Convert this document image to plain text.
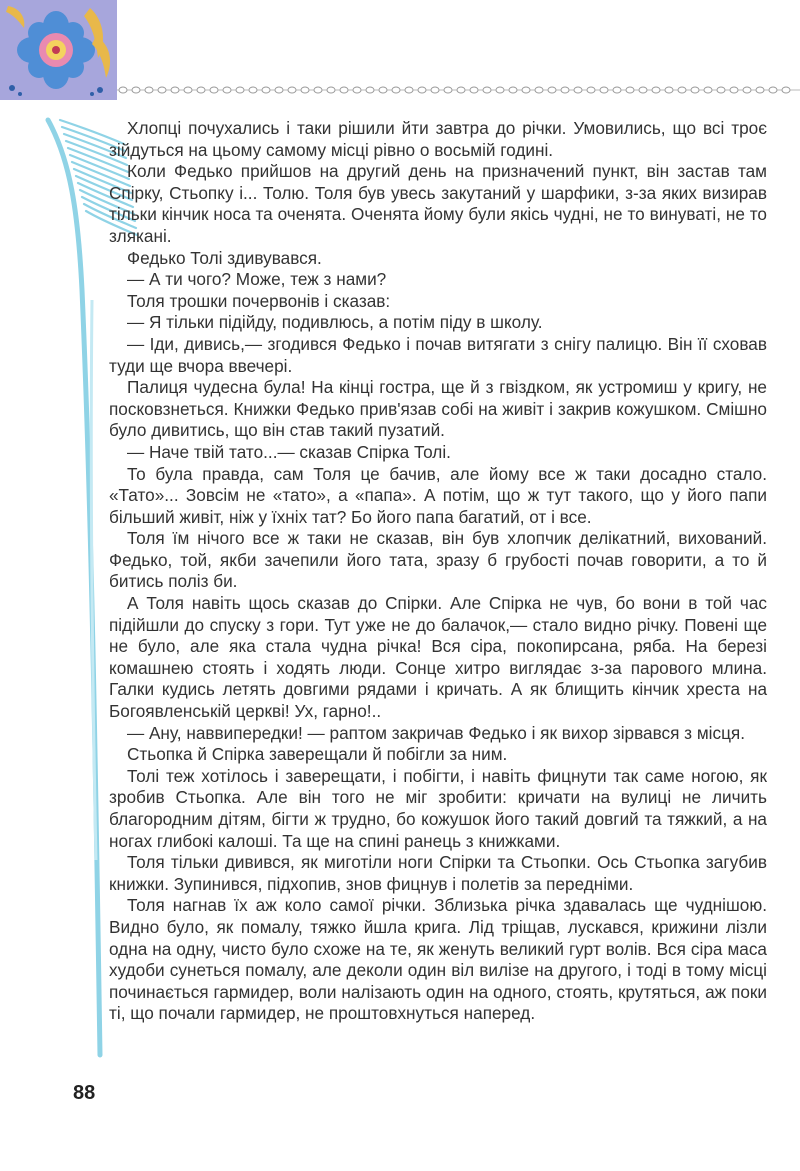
Хлопці почухались і таки рішили йти завтра до річки. Умовились, що всі троє зійдуться на цьому самому місці рівно о восьмій годині.

Коли Федько прийшов на другий день на призначений пункт, він застав там Спірку, Стьопку і... Толю. Толя був увесь закутаний у шарфики, з-за яких визирав тільки кінчик носа та оченята. Оченята йому були якісь чудні, не то винуваті, не то злякані.

Федько Толі здивувався.

— А ти чого? Може, теж з нами?

Толя трошки почервонів і сказав:

— Я тільки підійду, подивлюсь, а потім піду в школу.

— Іди, дивись,— згодився Федько і почав витягати з снігу палицю. Він її сховав туди ще вчора ввечері.

Палиця чудесна була! На кінці гостра, ще й з гвіздком, як устромиш у кригу, не посковзнеться. Книжки Федько прив'язав собі на живіт і закрив кожушком. Смішно було дивитись, що він став такий пузатий.

— Наче твій тато...— сказав Спірка Толі.

То була правда, сам Толя це бачив, але йому все ж таки досадно стало. «Тато»... Зовсім не «тато», а «папа». А потім, що ж тут такого, що у його папи більший живіт, ніж у їхніх тат? Бо його папа багатий, от і все.

Толя їм нічого все ж таки не сказав, він був хлопчик делікатний, вихований. Федько, той, якби зачепили його тата, зразу б грубості почав говорити, а то й битись поліз би.

А Толя навіть щось сказав до Спірки. Але Спірка не чув, бо вони в той час підійшли до спуску з гори. Тут уже не до балачок,— стало видно річку. Повені ще не було, але яка стала чудна річка! Вся сіра, покопирсана, ряба. На березі комашнею стоять і ходять люди. Сонце хитро виглядає з-за парового млина. Галки кудись летять довгими рядами і кричать. А як блищить кінчик хреста на Богоявленській церкві! Ух, гарно!..

— Ану, наввипередки! — раптом закричав Федько і як вихор зірвався з місця.

Стьопка й Спірка заверещали й побігли за ним.

Толі теж хотілось і заверещати, і побігти, і навіть фицнути так саме ногою, як зробив Стьопка. Але він того не міг зробити: кричати на вулиці не личить благородним дітям, бігти ж трудно, бо кожушок його такий довгий та тяжкий, а на ногах глибокі калоші. Та ще на спині ранець з книжками.

Толя тільки дивився, як миготіли ноги Спірки та Стьопки. Ось Стьопка загубив книжки. Зупинився, підхопив, знов фицнув і полетів за передніми.

Толя нагнав їх аж коло самої річки. Зблизька річка здавалась ще чуднішою. Видно було, як помалу, тяжко йшла крига. Лід тріщав, лускався, крижини лізли одна на одну, чисто було схоже на те, як женуть великий гурт волів. Вся сіра маса худоби сунеться помалу, але деколи один віл вилізе на другого, і тоді в тому місці починається гармидер, воли налізають один на одного, стоять, крутяться, аж поки ті, що почали гармидер, не проштовхнуться наперед.

88
